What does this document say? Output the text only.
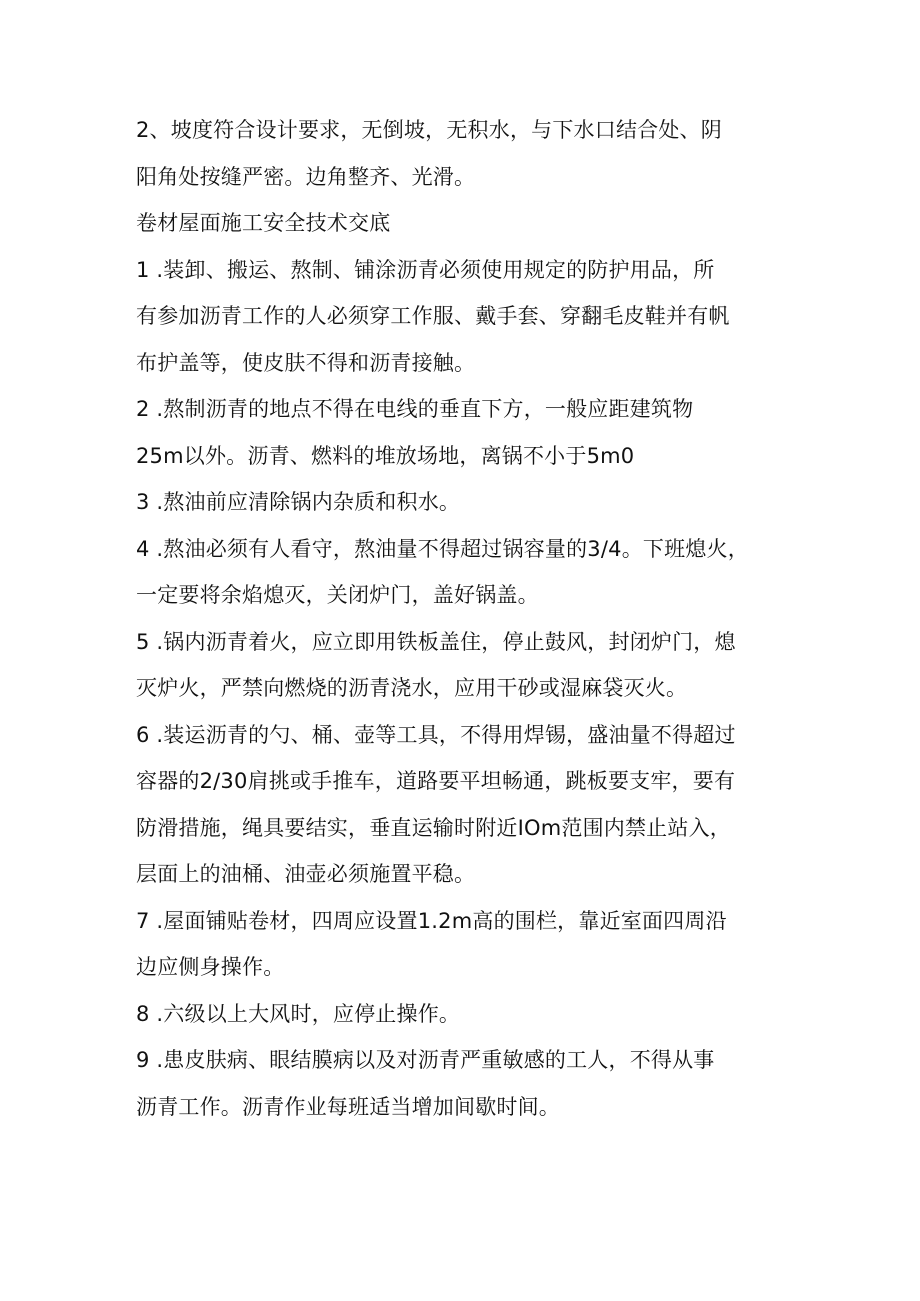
2、坡度符合设计要求，无倒坡，无积水，与下水口结合处、阴
阳角处按缝严密。边角整齐、光滑。
卷材屋面施工安全技术交底
1 .装卸、搬运、熬制、铺涂沥青必须使用规定的防护用品，所
有参加沥青工作的人必须穿工作服、戴手套、穿翻毛皮鞋并有帆
布护盖等，使皮肤不得和沥青接触。
2 .熬制沥青的地点不得在电线的垂直下方，一般应距建筑物
25m以外。沥青、燃料的堆放场地，离锅不小于5m0
3 .熬油前应清除锅内杂质和积水。
4 .熬油必须有人看守，熬油量不得超过锅容量的3/4。下班熄火，
一定要将余焰熄灭，关闭炉门，盖好锅盖。
5 .锅内沥青着火，应立即用铁板盖住，停止鼓风，封闭炉门，熄
灭炉火，严禁向燃烧的沥青浇水，应用干砂或湿麻袋灭火。
6 .装运沥青的勺、桶、壶等工具，不得用焊锡，盛油量不得超过
容器的2∕30肩挑或手推车，道路要平坦畅通，跳板要支牢，要有
防滑措施，绳具要结实，垂直运输时附近IOm范围内禁止站入，
层面上的油桶、油壶必须施置平稳。
7 .屋面铺贴卷材，四周应设置1.2m高的围栏，靠近室面四周沿
边应侧身操作。
8 .六级以上大风时，应停止操作。
9 .患皮肤病、眼结膜病以及对沥青严重敏感的工人，不得从事
沥青工作。沥青作业每班适当增加间歇时间。
